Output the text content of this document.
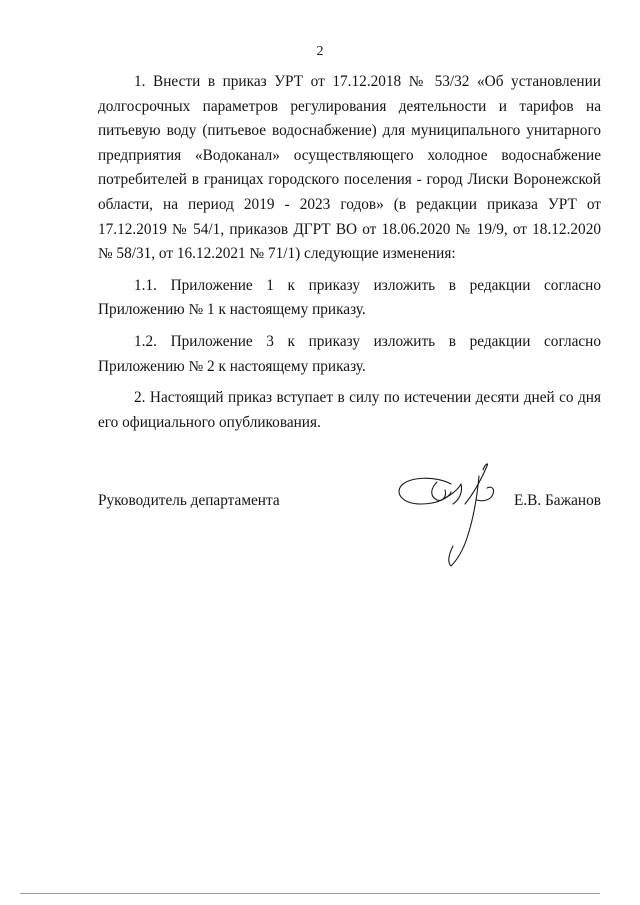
2

1. Внести в приказ УРТ от 17.12.2018 № 53/32 «Об установлении долгосрочных параметров регулирования деятельности и тарифов на питьевую воду (питьевое водоснабжение) для муниципального унитарного предприятия «Водоканал» осуществляющего холодное водоснабжение потребителей в границах городского поселения - город Лиски Воронежской области, на период 2019 - 2023 годов» (в редакции приказа УРТ от 17.12.2019 № 54/1, приказов ДГРТ ВО от 18.06.2020 № 19/9, от 18.12.2020 № 58/31, от 16.12.2021 № 71/1) следующие изменения:

1.1. Приложение 1 к приказу изложить в редакции согласно Приложению № 1 к настоящему приказу.

1.2. Приложение 3 к приказу изложить в редакции согласно Приложению № 2 к настоящему приказу.

2. Настоящий приказ вступает в силу по истечении десяти дней со дня его официального опубликования.

Руководитель департамента	Е.В. Бажанов
